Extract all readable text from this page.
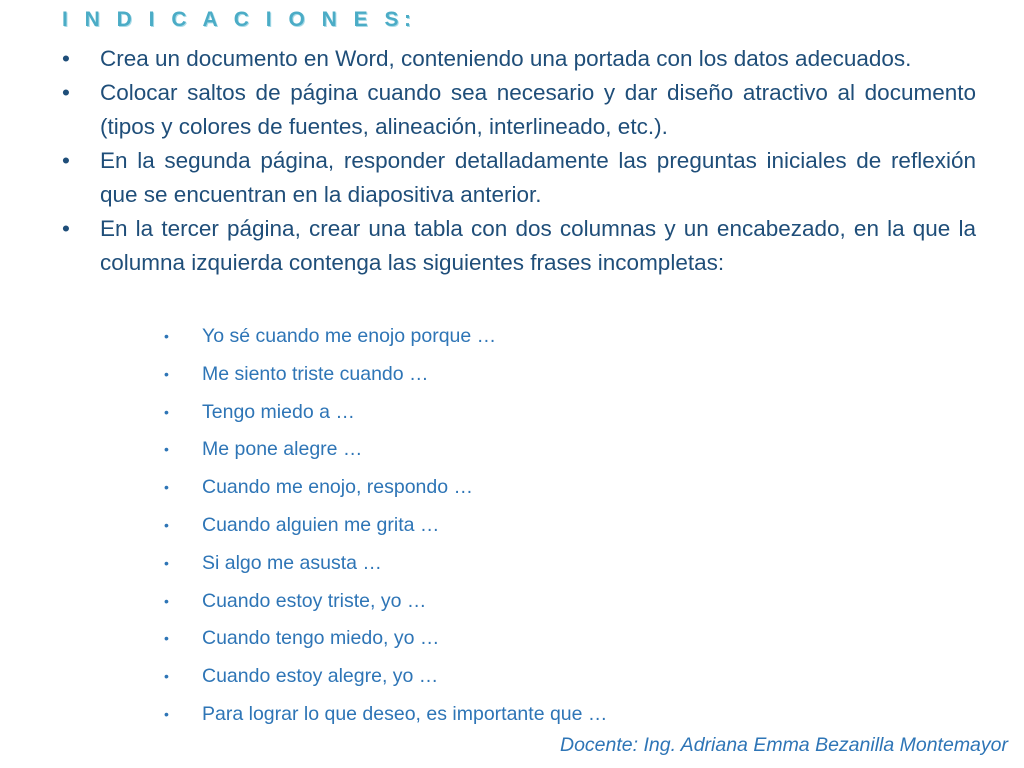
I N D I C A C I O N E S:
•	Crea un documento en Word, conteniendo una portada con los datos adecuados.
•	Colocar saltos de página cuando sea necesario y dar diseño atractivo al documento (tipos y colores de fuentes, alineación, interlineado, etc.).
•	En la segunda página, responder detalladamente las preguntas iniciales de reflexión que se encuentran en la diapositiva anterior.
•	En la tercer página, crear una tabla con dos columnas y un encabezado, en la que la columna izquierda contenga las siguientes frases incompletas:
• Yo sé cuando me enojo porque …
• Me siento triste cuando …
• Tengo miedo a …
• Me pone alegre …
• Cuando me enojo, respondo …
• Cuando alguien me grita …
• Si algo me asusta …
• Cuando estoy triste, yo …
• Cuando tengo miedo, yo …
• Cuando estoy alegre, yo …
• Para lograr lo que deseo, es importante que …
Docente: Ing. Adriana Emma Bezanilla Montemayor
